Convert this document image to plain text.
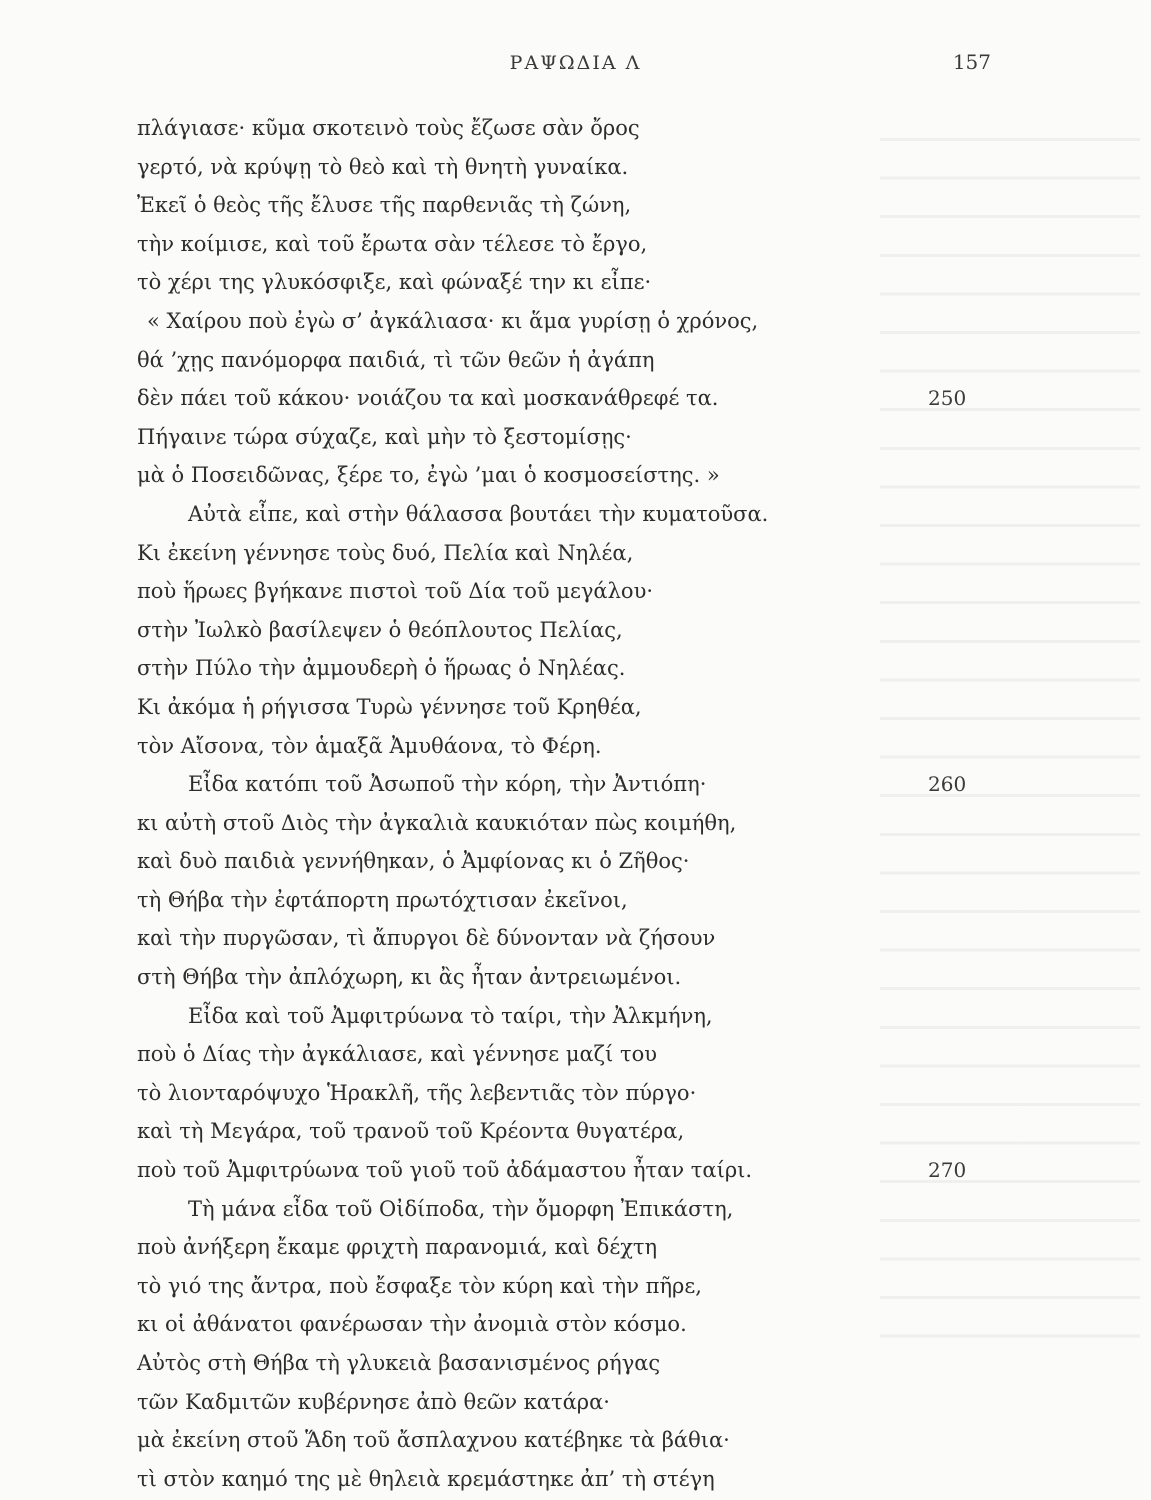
ΡΑΨΩΔΙΑ Λ	157
πλάγιασε· κῦμα σκοτεινὸ τοὺς ἔζωσε σὰν ὄρος
γερτό, νὰ κρύψῃ τὸ θεὸ καὶ τὴ θνητὴ γυναίκα.
Ἐκεῖ ὁ θεὸς τῆς ἔλυσε τῆς παρθενιᾶς τὴ ζώνη,
τὴν κοίμισε, καὶ τοῦ ἔρωτα σὰν τέλεσε τὸ ἔργο,
τὸ χέρι της γλυκόσφιξε, καὶ φώναξέ την κι εἶπε·
« Χαίρου ποὺ ἐγὼ σ’ ἀγκάλιασα· κι ἅμα γυρίσῃ ὁ χρόνος,
θά ’χῃς πανόμορφα παιδιά, τὶ τῶν θεῶν ἡ ἀγάπη
δὲν πάει τοῦ κάκου· νοιάζου τα καὶ μοσκανάθρεφέ τα.	250
Πήγαινε τώρα σύχαζε, καὶ μὴν τὸ ξεστομίσῃς·
μὰ ὁ Ποσειδῶνας, ξέρε το, ἐγὼ ’μαι ὁ κοσμοσείστης. »
Αὐτὰ εἶπε, καὶ στὴν θάλασσα βουτάει τὴν κυματοῦσα.
Κι ἐκείνη γέννησε τοὺς δυό, Πελία καὶ Νηλέα,
ποὺ ἥρωες βγήκανε πιστοὶ τοῦ Δία τοῦ μεγάλου·
στὴν Ἰωλκὸ βασίλεψεν ὁ θεόπλουτος Πελίας,
στὴν Πύλο τὴν ἀμμουδερὴ ὁ ἥρωας ὁ Νηλέας.
Κι ἀκόμα ἡ ρήγισσα Τυρὼ γέννησε τοῦ Κρηθέα,
τὸν Αἴσονα, τὸν ἁμαξᾶ Ἀμυθάονα, τὸ Φέρη.
Εἶδα κατόπι τοῦ Ἀσωποῦ τὴν κόρη, τὴν Ἀντιόπη·	260
κι αὐτὴ στοῦ Διὸς τὴν ἀγκαλιὰ καυκιόταν πὼς κοιμήθη,
καὶ δυὸ παιδιὰ γεννήθηκαν, ὁ Ἀμφίονας κι ὁ Ζῆθος·
τὴ Θήβα τὴν ἐφτάπορτη πρωτόχτισαν ἐκεῖνοι,
καὶ τὴν πυργῶσαν, τὶ ἄπυργοι δὲ δύνονταν νὰ ζήσουν
στὴ Θήβα τὴν ἀπλόχωρη, κι ἂς ἦταν ἀντρειωμένοι.
Εἶδα καὶ τοῦ Ἀμφιτρύωνα τὸ ταίρι, τὴν Ἀλκμήνη,
ποὺ ὁ Δίας τὴν ἀγκάλιασε, καὶ γέννησε μαζί του
τὸ λιονταρόψυχο Ἡρακλῆ, τῆς λεβεντιᾶς τὸν πύργο·
καὶ τὴ Μεγάρα, τοῦ τρανοῦ τοῦ Κρέοντα θυγατέρα,
ποὺ τοῦ Ἀμφιτρύωνα τοῦ γιοῦ τοῦ ἀδάμαστου ἦταν ταίρι.	270
Τὴ μάνα εἶδα τοῦ Οἰδίποδα, τὴν ὄμορφη Ἐπικάστη,
ποὺ ἀνήξερη ἔκαμε φριχτὴ παρανομιά, καὶ δέχτη
τὸ γιό της ἄντρα, ποὺ ἔσφαξε τὸν κύρη καὶ τὴν πῆρε,
κι οἱ ἀθάνατοι φανέρωσαν τὴν ἀνομιὰ στὸν κόσμο.
Αὐτὸς στὴ Θήβα τὴ γλυκειὰ βασανισμένος ρήγας
τῶν Καδμιτῶν κυβέρνησε ἀπὸ θεῶν κατάρα·
μὰ ἐκείνη στοῦ Ἅδη τοῦ ἄσπλαχνου κατέβηκε τὰ βάθια·
τὶ στὸν καημό της μὲ θηλειὰ κρεμάστηκε ἀπ’ τὴ στέγη
